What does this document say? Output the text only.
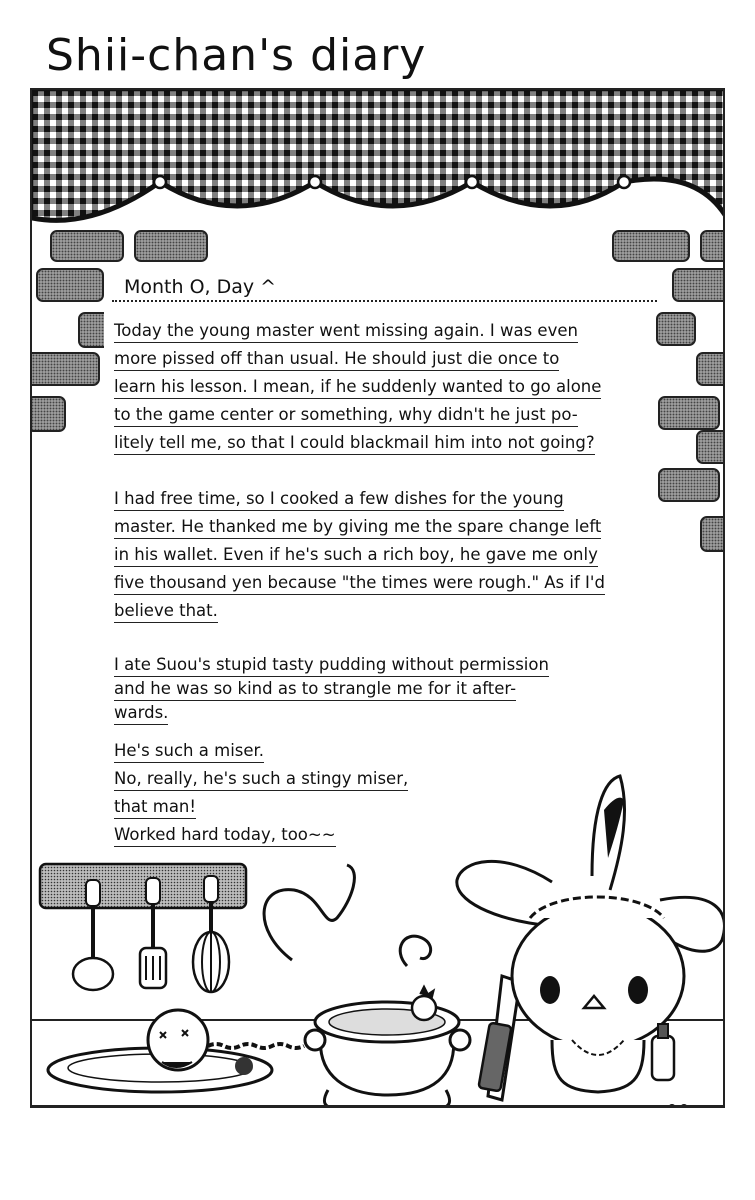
Shii-chan's diary

Month O, Day ^

Today the young master went missing again. I was even
more pissed off than usual. He should just die once to
learn his lesson. I mean, if he suddenly wanted to go alone
to the game center or something, why didn't he just po-
litely tell me, so that I could blackmail him into not going?
I had free time, so I cooked a few dishes for the young
master. He thanked me by giving me the spare change left
in his wallet. Even if he's such a rich boy, he gave me only
five thousand yen because "the times were rough." As if I'd
believe that.
I ate Suou's stupid tasty pudding without permission
and he was so kind as to strangle me for it after-
wards.
He's such a miser.
No, really, he's such a stingy miser,
that man!
Worked hard today, too~~
